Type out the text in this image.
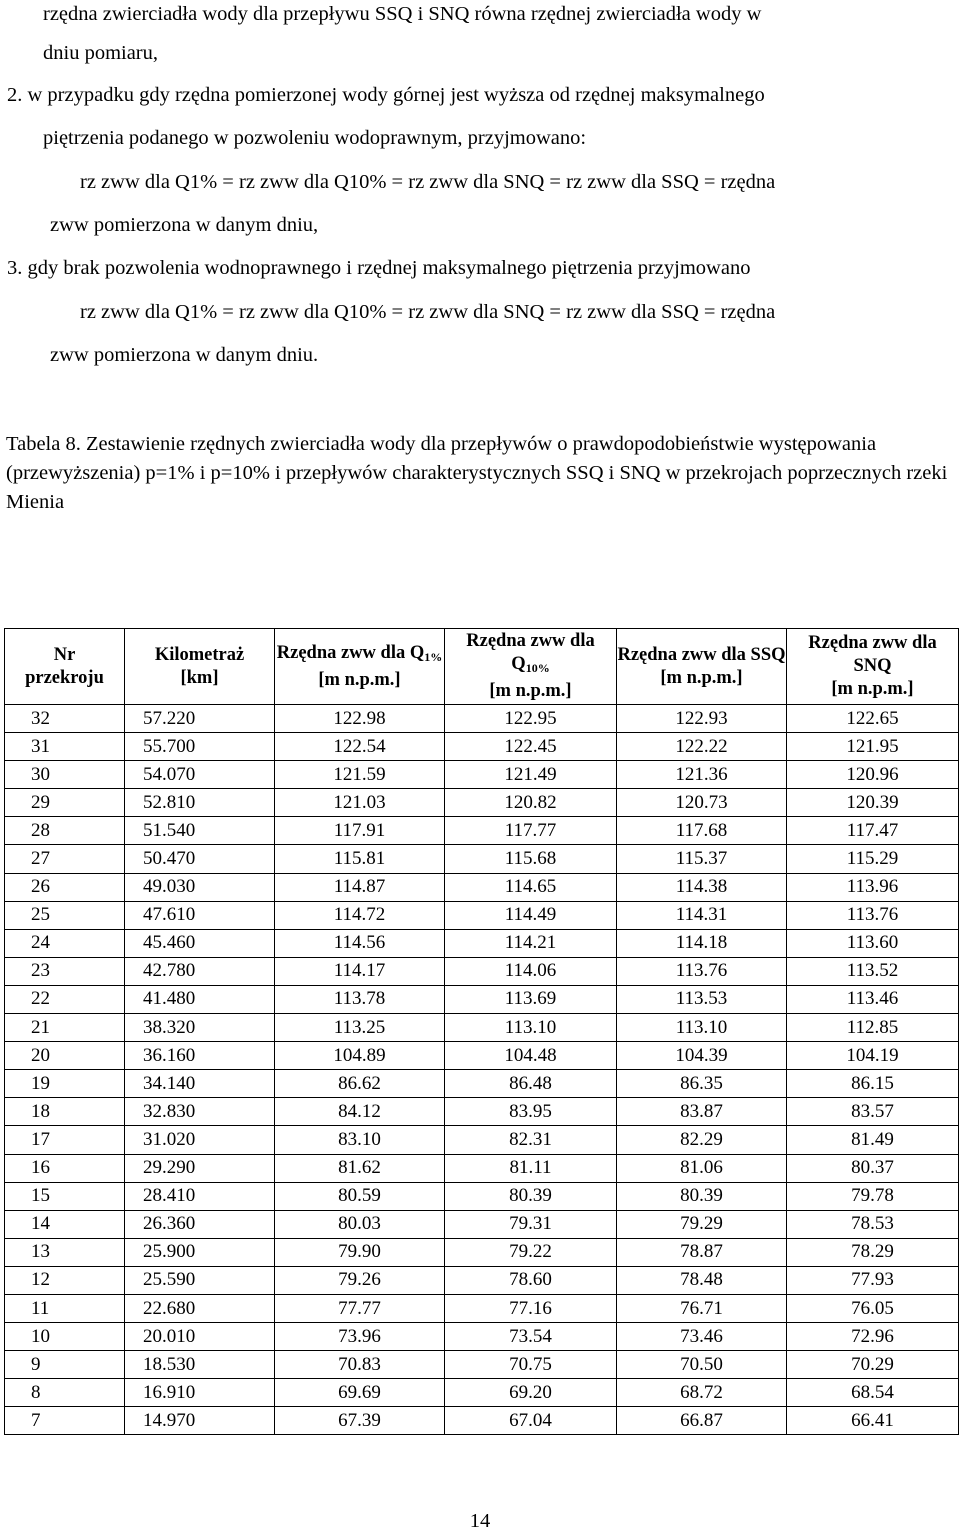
rzędna zwierciadła wody dla przepływu SSQ i SNQ równa rzędnej zwierciadła wody w
dniu pomiaru,
2. w przypadku gdy rzędna pomierzonej wody górnej jest wyższa od rzędnej maksymalnego
piętrzenia podanego w pozwoleniu wodoprawnym, przyjmowano:
rz zww dla Q1% = rz zww dla Q10% = rz zww dla SNQ = rz zww dla SSQ = rzędna
zww pomierzona w danym dniu,
3. gdy brak pozwolenia wodnoprawnego i rzędnej maksymalnego piętrzenia przyjmowano
rz zww dla Q1% = rz zww dla Q10% = rz zww dla SNQ = rz zww dla SSQ = rzędna
zww pomierzona w danym dniu.
Tabela 8. Zestawienie rzędnych zwierciadła wody dla przepływów o prawdopodobieństwie występowania (przewyższenia) p=1% i p=10% i przepływów charakterystycznych SSQ i SNQ w przekrojach poprzecznych rzeki Mienia
Nr przekroju	Kilometraż [km]	Rzędna zww dla $Q_{1\%}$
[m n.p.m.]	Rzędna zww dla $Q_{10\%}$
[m n.p.m.]	Rzędna zww dla SSQ
[m n.p.m.]	Rzędna zww dla SNQ
[m n.p.m.]
32	57.220	122.98	122.95	122.93	122.65
31	55.700	122.54	122.45	122.22	121.95
30	54.070	121.59	121.49	121.36	120.96
29	52.810	121.03	120.82	120.73	120.39
28	51.540	117.91	117.77	117.68	117.47
27	50.470	115.81	115.68	115.37	115.29
26	49.030	114.87	114.65	114.38	113.96
25	47.610	114.72	114.49	114.31	113.76
24	45.460	114.56	114.21	114.18	113.60
23	42.780	114.17	114.06	113.76	113.52
22	41.480	113.78	113.69	113.53	113.46
21	38.320	113.25	113.10	113.10	112.85
20	36.160	104.89	104.48	104.39	104.19
19	34.140	86.62	86.48	86.35	86.15
18	32.830	84.12	83.95	83.87	83.57
17	31.020	83.10	82.31	82.29	81.49
16	29.290	81.62	81.11	81.06	80.37
15	28.410	80.59	80.39	80.39	79.78
14	26.360	80.03	79.31	79.29	78.53
13	25.900	79.90	79.22	78.87	78.29
12	25.590	79.26	78.60	78.48	77.93
11	22.680	77.77	77.16	76.71	76.05
10	20.010	73.96	73.54	73.46	72.96
9	18.530	70.83	70.75	70.50	70.29
8	16.910	69.69	69.20	68.72	68.54
7	14.970	67.39	67.04	66.87	66.41
14
